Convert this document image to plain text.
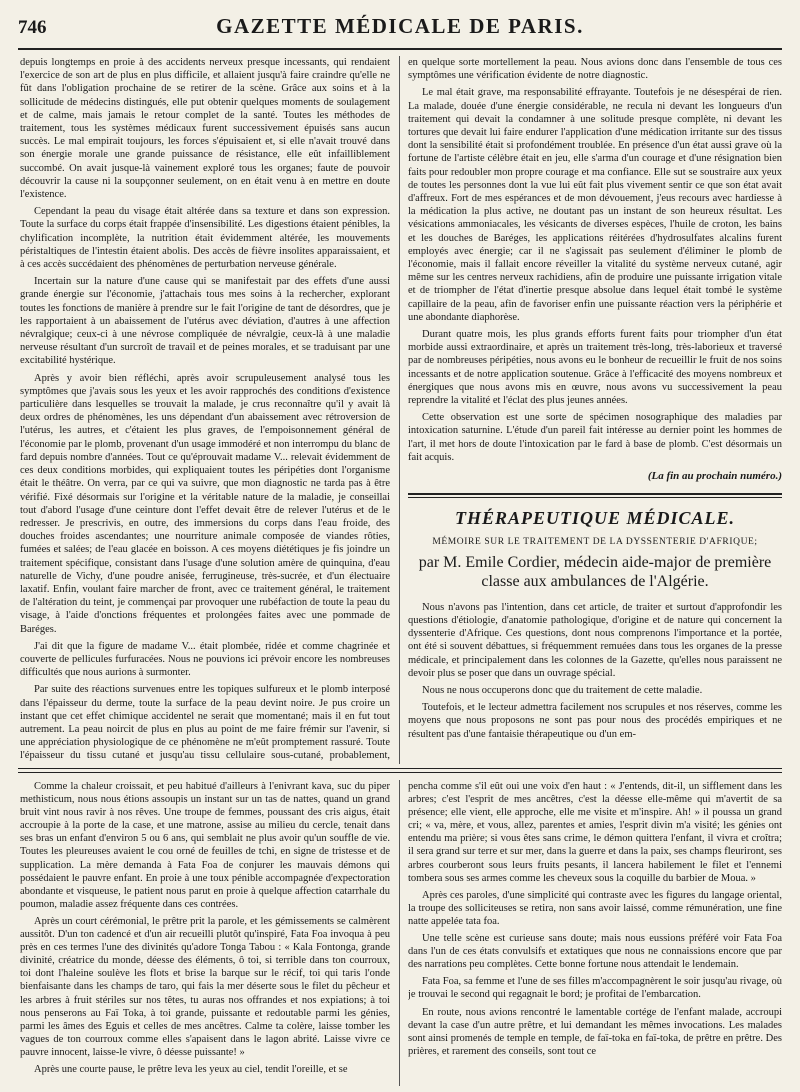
746	GAZETTE MÉDICALE DE PARIS.

depuis longtemps en proie à des accidents nerveux presque incessants, qui rendaient l'exercice de son art de plus en plus difficile, et allaient jusqu'à faire craindre qu'elle ne fût dans l'obligation prochaine de se retirer de la scène. Grâce aux soins et à la sollicitude de médecins distingués, elle put obtenir quelques moments de soulagement et de calme, mais jamais le retour complet de la santé. Toutes les méthodes de traitement, tous les systèmes médicaux furent successivement épuisés sans aucun succès. Le mal empirait toujours, les forces s'épuisaient et, si elle n'avait trouvé dans son énergie morale une grande puissance de résistance, elle eût infailliblement succombé. On avait jusque-là vainement exploré tous les organes; faute de pouvoir découvrir la cause ni la soupçonner seulement, on en était venu à en mettre en doute l'existence.

Cependant la peau du visage était altérée dans sa texture et dans son expression. Toute la surface du corps était frappée d'insensibilité. Les digestions étaient pénibles, la chylification incomplète, la nutrition était évidemment altérée, les mouvements péristaltiques de l'intestin étaient abolis. Des accès de fièvre insolites apparaissaient, et à ces accès succédaient des phénomènes de perturbation nerveuse générale.

Incertain sur la nature d'une cause qui se manifestait par des effets d'une aussi grande énergie sur l'économie, j'attachais tous mes soins à la rechercher, explorant toutes les fonctions de manière à prendre sur le fait l'origine de tant de désordres, que je les rapportaient à un abaissement de l'utérus avec déviation, d'autres à une affection névralgique; ceux-ci à une névrose compliquée de névralgie, ceux-là à une maladie nerveuse résultant d'un surcroît de travail et de peines morales, et se traduisant par une excitabilité hystérique.

Après y avoir bien réfléchi, après avoir scrupuleusement analysé tous les symptômes que j'avais sous les yeux et les avoir rapprochés des conditions d'existence particulière dans lesquelles se trouvait la malade, je crus reconnaître qu'il y avait là deux ordres de phénomènes, les uns dépendant d'un abaissement avec rétroversion de l'utérus, les autres, et c'étaient les plus graves, de l'empoisonnement général de l'économie par le plomb, provenant d'un usage immodéré et non interrompu du blanc de fard depuis nombre d'années. Tout ce qu'éprouvait madame V... relevait évidemment de ces deux conditions morbides, qui expliquaient toutes les péripéties dont l'organisme était le théâtre. On verra, par ce qui va suivre, que mon diagnostic ne tarda pas à être vérifié. Fixé désormais sur l'origine et la véritable nature de la maladie, je conseillai tout d'abord l'usage d'une ceinture dont l'effet devait être de relever l'utérus et de le redresser. Je prescrivis, en outre, des immersions du corps dans l'eau froide, des douches froides ascendantes; une nourriture animale composée de viandes rôties, fumées et salées; de l'eau glacée en boisson. A ces moyens diététiques je fis joindre un traitement spécifique, consistant dans l'usage d'une solution amère de quinquina, d'eau naturelle de Vichy, d'une poudre anisée, ferrugineuse, très-sucrée, et d'un électuaire laxatif. Enfin, voulant faire marcher de front, avec ce traitement général, le traitement de l'altération du teint, je commençai par provoquer une rubéfaction de toute la peau du visage, à l'aide d'onctions fréquentes et prolongées faites avec une pommade de Baréges.

J'ai dit que la figure de madame V... était plombée, ridée et comme chagrinée et couverte de pellicules furfuracées. Nous ne pouvions ici prévoir encore les nombreuses difficultés que nous aurions à surmonter.

Par suite des réactions survenues entre les topiques sulfureux et le plomb interposé dans l'épaisseur du derme, toute la surface de la peau devint noire. Je pus croire un instant que cet effet chimique accidentel ne serait que momentané; mais il en fut tout autrement. La peau noircit de plus en plus au point de me faire frémir sur l'avenir, si une appréciation physiologique de ce phénomène ne m'eût promptement rassuré. Toute l'épaisseur du tissu cutané et jusqu'au tissu cellulaire sous-cutané, probablement,

en quelque sorte mortellement la peau. Nous avions donc dans l'ensemble de tous ces symptômes une vérification évidente de notre diagnostic.

Le mal était grave, ma responsabilité effrayante. Toutefois je ne désespérai de rien. La malade, douée d'une énergie considérable, ne recula ni devant les longueurs d'un traitement qui devait la condamner à une solitude presque complète, ni devant les tortures que devait lui faire endurer l'application d'une médication irritante sur des tissus dont la sensibilité était si profondément troublée. En présence d'un état aussi grave où la fortune de l'artiste célèbre était en jeu, elle s'arma d'un courage et d'une résignation bien faits pour redoubler mon propre courage et ma confiance. Elle sut se soustraire aux yeux de toutes les personnes dont la vue lui eût fait plus vivement sentir ce que son état avait d'affreux. Fort de mes espérances et de mon dévouement, j'eus recours avec hardiesse à la médication la plus active, ne doutant pas un instant de son heureux résultat. Les vésications ammoniacales, les vésicants de diverses espèces, l'huile de croton, les bains et les douches de Baréges, les applications réitérées d'hydrosulfates alcalins furent employés avec énergie; car il ne s'agissait pas seulement d'éliminer le plomb de l'économie, mais il fallait encore réveiller la vitalité du système nerveux cutané, agir même sur les centres nerveux rachidiens, afin de produire une puissante irrigation vitale et de triompher de l'état d'inertie presque absolue dans lequel était tombé le système capillaire de la peau, afin de favoriser enfin une puissante réaction vers la périphérie et une abondante diaphorèse.

Durant quatre mois, les plus grands efforts furent faits pour triompher d'un état morbide aussi extraordinaire, et après un traitement très-long, très-laborieux et traversé par de nombreuses péripéties, nous avons eu le bonheur de recueillir le fruit de nos soins incessants et de notre application soutenue. Grâce à l'efficacité des moyens nombreux et énergiques que nous avons mis en œuvre, nous avons vu successivement la peau reprendre la vitalité et l'éclat des plus jeunes années.

Cette observation est une sorte de spécimen nosographique des maladies par intoxication saturnine. L'étude d'un pareil fait intéresse au dernier point les hommes de l'art, il met hors de doute l'intoxication par le fard à base de plomb. C'est désormais un fait acquis.

(La fin au prochain numéro.)
THÉRAPEUTIQUE MÉDICALE.
MÉMOIRE SUR LE TRAITEMENT DE LA DYSSENTERIE D'AFRIQUE;
par M. Emile Cordier, médecin aide-major de première classe aux ambulances de l'Algérie.

Nous n'avons pas l'intention, dans cet article, de traiter et surtout d'approfondir les questions d'étiologie, d'anatomie pathologique, d'origine et de nature qui concernent la dyssenterie d'Afrique. Ces questions, dont nous comprenons l'importance et la portée, ont été si souvent débattues, si fréquemment remuées dans tous les organes de la presse médicale, et principalement dans les colonnes de la Gazette, qu'elles nous paraissent ne devoir plus se poser que dans un ouvrage spécial.

Nous ne nous occuperons donc que du traitement de cette maladie.

Toutefois, et le lecteur admettra facilement nos scrupules et nos réserves, comme les moyens que nous proposons ne sont pas pour nous des procédés empiriques et ne résultent pas d'une fantaisie thérapeutique ou d'un em-

Comme la chaleur croissait, et peu habitué d'ailleurs à l'enivrant kava, suc du piper methisticum, nous nous étions assoupis un instant sur un tas de nattes, quand un grand bruit vint nous ravir à nos rêves. Une troupe de femmes, poussant des cris aigus, était accroupie à la porte de la case, et une matrone, assise au milieu du cercle, tenait dans ses bras un enfant d'environ 5 ou 6 ans, qui semblait ne plus avoir qu'un souffle de vie. Toutes les pleureuses avaient le cou orné de feuilles de tchi, en signe de tristesse et de supplication. La mère demanda à Fata Foa de conjurer les mauvais démons qui possédaient le pauvre enfant. En proie à une toux pénible accompagnée d'expectoration abondante et visqueuse, le patient nous parut en proie à quelque affection catarrhale du poumon, maladie assez fréquente dans ces contrées.

Après un court cérémonial, le prêtre prit la parole, et les gémissements se calmèrent aussitôt. D'un ton cadencé et d'un air recueilli plutôt qu'inspiré, Fata Foa invoqua à peu près en ces termes l'une des divinités qu'adore Tonga Tabou : « Kala Fontonga, grande divinité, créatrice du monde, déesse des éléments, ô toi, si terrible dans ton courroux, toi dont l'haleine soulève les flots et brise la barque sur le récif, toi qui taris l'onde bienfaisante dans les champs de taro, qui fais la mer déserte sous le filet du pêcheur et les arbres à fruit stériles sur nos têtes, tu auras nos offrandes et nos expiations; à toi nous penserons au Faï Toka, à toi grande, puissante et redoutable parmi les génies, parmi les âmes des Eguis et celles de mes ancêtres. Calme ta colère, laisse tomber les vagues de ton courroux comme elles s'apaisent dans le lagon abrité. Laisse vivre ce pauvre innocent, laisse-le vivre, ô déesse puissante! »

Après une courte pause, le prêtre leva les yeux au ciel, tendit l'oreille, et se

pencha comme s'il eût oui une voix d'en haut : « J'entends, dit-il, un sifflement dans les arbres; c'est l'esprit de mes ancêtres, c'est la déesse elle-même qui m'avertit de sa présence; elle vient, elle approche, elle me visite et m'inspire. Ah! » il poussa un grand cri; « va, mère, et vous, allez, parentes et amies, l'esprit divin m'a visité; les génies ont entendu ma prière; si vous êtes sans crime, le démon quittera l'enfant, il vivra et croîtra; il sera grand sur terre et sur mer, dans la guerre et dans la paix, ses champs fleuriront, ses arbres courberont sous leurs fruits pesants, il lancera habilement le filet et l'ennemi tombera sous ses armes comme les cheveux sous la coquille du barbier de Moua. »

Après ces paroles, d'une simplicité qui contraste avec les figures du langage oriental, la troupe des solliciteuses se retira, non sans avoir laissé, comme rémunération, une fine natte appelée tata foa.

Une telle scène est curieuse sans doute; mais nous eussions préféré voir Fata Foa dans l'un de ces états convulsifs et extatiques que nous ne connaissions encore que par des narrations peu complètes. Cette bonne fortune nous attendait le lendemain.

Fata Foa, sa femme et l'une de ses filles m'accompagnèrent le soir jusqu'au rivage, où je trouvai le second qui regagnait le bord; je profitai de l'embarcation.

En route, nous avions rencontré le lamentable cortége de l'enfant malade, accroupi devant la case d'un autre prêtre, et lui demandant les mêmes invocations. Les malades sont ainsi promenés de temple en temple, de faï-toka en faï-toka, de prêtre en prêtre. Des prières, et rarement des conseils, sont tout ce
